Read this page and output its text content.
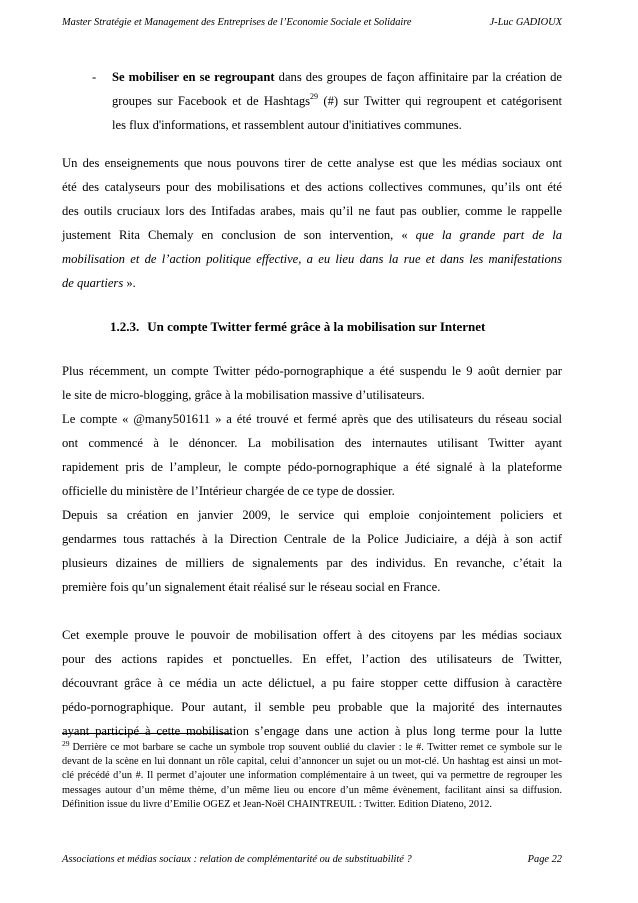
Master Stratégie et Management des Entreprises de l’Economie Sociale et Solidaire	J-Luc GADIOUX
- Se mobiliser en se regroupant dans des groupes de façon affinitaire par la création de

groupes sur Facebook et de Hashtags$^{29}$ (#) sur Twitter qui regroupent et catégorisent

les flux d'informations, et rassemblent autour d'initiatives communes.

Un des enseignements que nous pouvons tirer de cette analyse est que les médias sociaux ont

été des catalyseurs pour des mobilisations et des actions collectives communes, qu’ils ont été

des outils cruciaux lors des Intifadas arabes, mais qu’il ne faut pas oublier, comme le rappelle

justement Rita Chemaly en conclusion de son intervention, « que la grande part de la

mobilisation et de l’action politique effective, a eu lieu dans la rue et dans les manifestations

de quartiers ».

1.2.3. Un compte Twitter fermé grâce à la mobilisation sur Internet

Plus récemment, un compte Twitter pédo-pornographique a été suspendu le 9 août dernier par

le site de micro-blogging, grâce à la mobilisation massive d’utilisateurs.

Le compte « @many501611 » a été trouvé et fermé après que des utilisateurs du réseau social

ont commencé à le dénoncer. La mobilisation des internautes utilisant Twitter ayant

rapidement pris de l’ampleur, le compte pédo-pornographique a été signalé à la plateforme

officielle du ministère de l’Intérieur chargée de ce type de dossier.

Depuis sa création en janvier 2009, le service qui emploie conjointement policiers et

gendarmes tous rattachés à la Direction Centrale de la Police Judiciaire, a déjà à son actif

plusieurs dizaines de milliers de signalements par des individus. En revanche, c’était la

première fois qu’un signalement était réalisé sur le réseau social en France.

Cet exemple prouve le pouvoir de mobilisation offert à des citoyens par les médias sociaux

pour des actions rapides et ponctuelles. En effet, l’action des utilisateurs de Twitter,

découvrant grâce à ce média un acte délictuel, a pu faire stopper cette diffusion à caractère

pédo-pornographique. Pour autant, il semble peu probable que la majorité des internautes

ayant participé à cette mobilisation s’engage dans une action à plus long terme pour la lutte

$^{29}$ Derrière ce mot barbare se cache un symbole trop souvent oublié du clavier : le #. Twitter remet ce symbole sur le devant de la scène en lui donnant un rôle capital, celui d’annoncer un sujet ou un mot-clé. Un hashtag est ainsi un mot-clé précédé d’un #. Il permet d’ajouter une information complémentaire à un tweet, qui va permettre de regrouper les messages autour d’un même thème, d’un même lieu ou encore d’un même évènement, facilitant ainsi sa diffusion. Définition issue du livre d’Emilie OGEZ et Jean-Noël CHAINTREUIL : Twitter. Edition Diateno, 2012.
Associations et médias sociaux : relation de complémentarité ou de substituabilité ?	Page 22
